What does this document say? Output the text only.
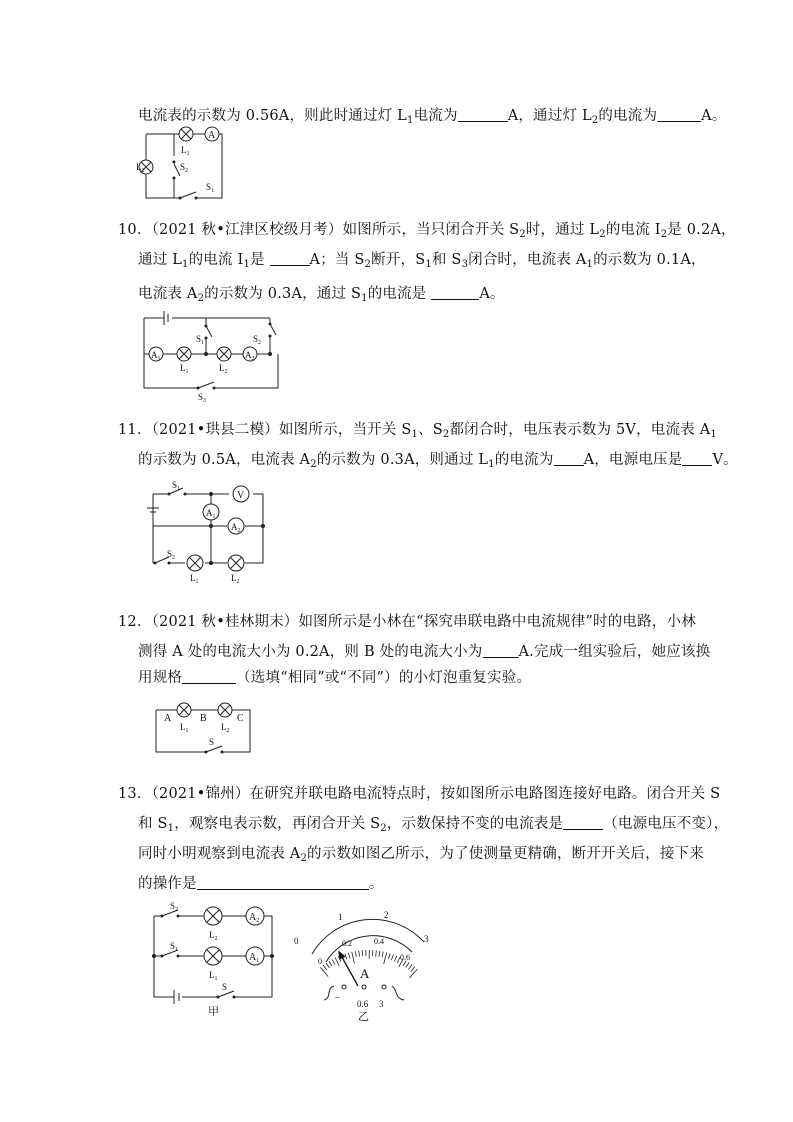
电流表的示数为 0.56A，则此时通过灯 $L_1$电流为	A，通过灯 $L_2$的电流为	A。
A
$L_1$
$L_2$	$S_2$
$S_1$
10．（2021 秋•江津区校级月考）如图所示，当只闭合开关 $S_2$时，通过 $L_2$的电流 $I_2$是 0.2A，
通过 $L_1$的电流 $I_1$是	A；当 $S_2$断开，$S_1$和 $S_3$闭合时，电流表 $A_1$的示数为 0.1A，
电流表 $A_2$的示数为 0.3A，通过 $S_1$的电流是	A。
$S_2$
$S_1$
$A_1$
$L_1$	$L_2$
$A_2$
$S_3$
11．（2021•珙县二模）如图所示，当开关 $S_1$、$S_2$都闭合时，电压表示数为 5V，电流表 $A_1$
的示数为 0.5A，电流表 $A_2$的示数为 0.3A，则通过 $L_1$的电流为 A，电源电压是 V。
$S_1$
V
$A_1$
$A_2$
$S_2$
$L_1$	$L_2$
12．（2021 秋•桂林期末）如图所示是小林在“探究串联电路中电流规律”时的电路，小林
测得 A 处的电流大小为 0.2A，则 B 处的电流大小为 A.完成一组实验后，她应该换
用规格	（选填“相同”或“不同”）的小灯泡重复实验。
A	B	C
$L_1$	$L_2$
S
13．（2021•锦州）在研究并联电路电流特点时，按如图所示电路图连接好电路。闭合开关 S
和 $S_1$，观察电表示数，再闭合开关 $S_2$，示数保持不变的电流表是	（电源电压不变），
同时小明观察到电流表 $A_2$的示数如图乙所示，为了使测量更精确，断开开关后，接下来
的操作是	。
$S_2$
$L_2$
$A_2$
$S_1$
$L_1$
$A_1$
S
甲
0
1	2
3
0
0.2	0.4
0.6
A
–
0.6 3
乙
